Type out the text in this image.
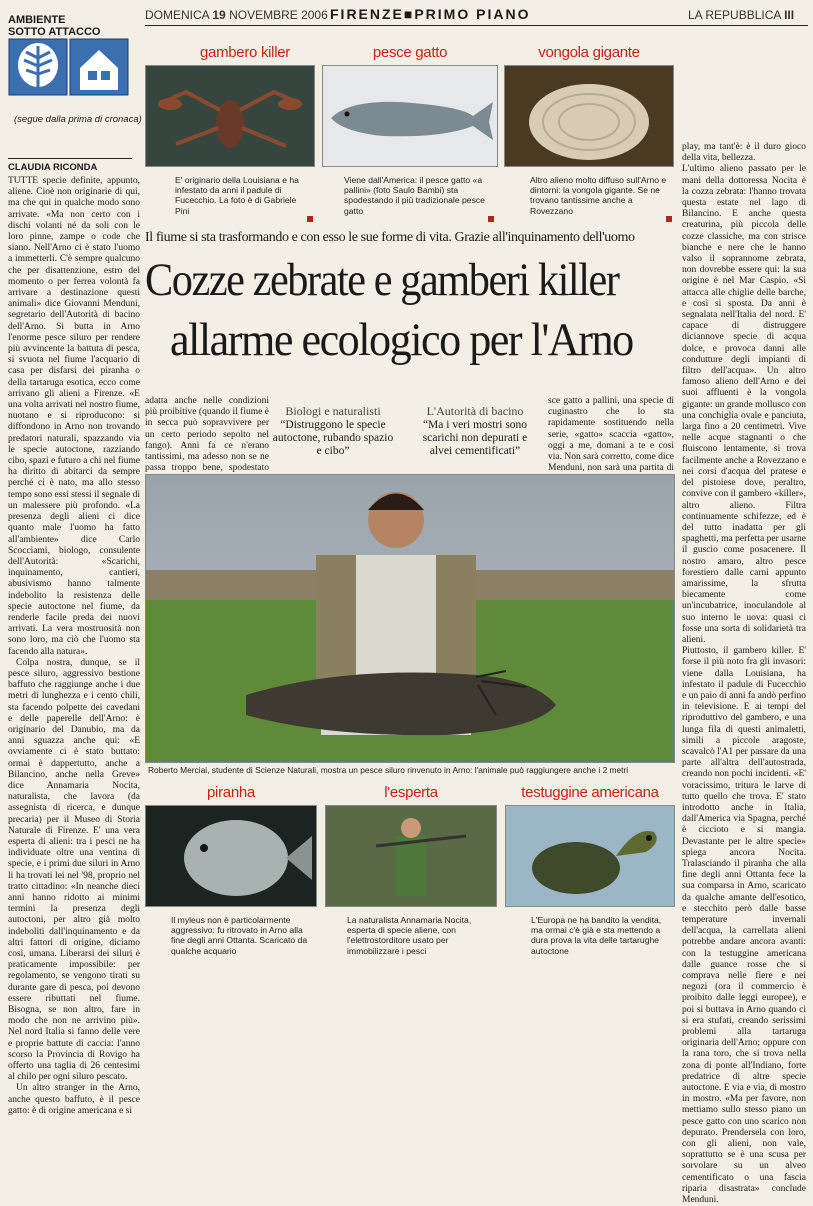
DOMENICA 19 NOVEMBRE 2006 FIRENZE■PRIMO PIANO	LA REPUBBLICA III
AMBIENTE
SOTTO ATTACCO
(segue dalla prima di cronaca)
CLAUDIA RICONDA

TUTTE specie definite, appunto, aliene. Cioè non originarie di qui, ma che qui in qualche modo sono arrivate. «Ma non certo con i dischi volanti né da soli con le loro pinne, zampe o code che siano. Nell'Arno ci è stato l'uomo a immetterli. C'è sempre qualcuno che per disattenzione, estro del momento o per ferrea volontà fa arrivare a destinazione questi animali» dice Giovanni Menduni, segretario dell'Autorità di bacino dell'Arno. Si butta in Arno l'enorme pesce siluro per rendere più avvincente la battuta di pesca, si svuota nel fiume l'acquario di casa per disfarsi dei piranha o della tartaruga esotica, ecco come arrivano gli alieni a Firenze. «E una volta arrivati nel nostro fiume, nuotano e si riproducono: si diffondono in Arno non trovando predatori naturali, spazzando via le specie autoctone, razziando cibo, spazi e futuro a chi nel fiume ha diritto di abitarci da sempre perché ci è nato, ma allo stesso tempo sono essi stessi il segnale di un malessere più profondo. «La presenza degli alieni ci dice quanto male l'uomo ha fatto all'ambiente» dice Carlo Scocciami, biologo, consulente dell'Autorità: «Scarichi, inquinamento, cantieri, abusivismo hanno talmente indebolito la resistenza delle specie autoctone nel fiume, da renderle facile preda dei nuovi arrivati. La vera mostruosità non sono loro, ma ciò che l'uomo sta facendo alla natura».

Colpa nostra, dunque, se il pesce siluro, aggressivo bestione baffuto che raggiunge anche i due metri di lunghezza e i cento chili, sta facendo polpette dei cavedani e delle paperelle dell'Arno: è originario del Danubio, ma da anni sguazza anche qui: «E ovviamente ci è stato buttato: ormai è dappertutto, anche a Bilancino, anche nella Greve» dice Annamaria Nocita, naturalista, che lavora (da assegnista di ricerca, e dunque precaria) per il Museo di Storia Naturale di Firenze. E' una vera esperta di alieni: tra i pesci ne ha individuate oltre una ventina di specie, e i primi due siluri in Arno li ha trovati lei nel '98, proprio nel tratto cittadino: «In neanche dieci anni hanno ridotto ai minimi termini la presenza degli autoctoni, per altro già molto indeboliti dall'inquinamento e da altri fattori di origine, diciamo così, umana. Liberarsi dei siluri è praticamente impossibile: per regolamento, se vengono tirati su durante gare di pesca, poi devono essere ributtati nel fiume. Bisogna, se non altro, fare in modo che non ne arrivino più». Nel nord Italia si fanno delle vere e proprie battute di caccia: l'anno scorso la Provincia di Rovigo ha offerto una taglia di 26 centesimi al chilo per ogni siluro pescato.

Un altro stranger in the Arno, anche questo baffuto, è il pesce gatto: è di origine americana e si

gambero killer
E' originario della Louisiana e ha infestato da anni il padule di Fucecchio. La foto è di Gabriele Pini
pesce gatto
Viene dall'America: il pesce gatto «a pallini» (foto Saulo Bambi) sta spodestando il più tradizionale pesce gatto
vongola gigante
Altro alieno molto diffuso sull'Arno e dintorni: la vongola gigante. Se ne trovano tantissime anche a Rovezzano
Il fiume si sta trasformando e con esso le sue forme di vita. Grazie all'inquinamento dell'uomo
Cozze zebrate e gamberi killer
allarme ecologico per l'Arno

adatta anche nelle condizioni più proibitive (quando il fiume è in secca può sopravvivere per un certo periodo sepolto nel fango). Anni fa ce n'erano tantissimi, ma adesso non se ne passa troppo bene, spodestato

Biologi e naturalisti
“Distruggono le specie autoctone, rubando spazio e cibo”
L'Autorità di bacino
“Ma i veri mostri sono scarichi non depurati e alvei cementificati”

sce gatto a pallini, una specie di cuginastro che lo sta rapidamente sostituendo nella serie, «gatto» scaccia «gatto», oggi a me, domani a te e così via. Non sarà corretto, come dice Menduni, non sarà una partita di

Roberto Merciai, studente di Scienze Naturali, mostra un pesce siluro rinvenuto in Arno: l'animale può raggiungere anche i 2 metri
piranha
Il myleus non è particolarmente aggressivo: fu ritrovato in Arno alla fine degli anni Ottanta. Scaricato da qualche acquario
l'esperta
La naturalista Annamaria Nocita, esperta di specie aliene, con l'elettrostorditore usato per immobilizzare i pesci
testuggine americana
L'Europa ne ha bandito la vendita, ma ormai c'è già e sta mettendo a dura prova la vita delle tartarughe autoctone

play, ma tant'è: è il duro gioco della vita, bellezza.
L'ultimo alieno passato per le mani della dottoressa Nocita è la cozza zebrata: l'hanno trovata questa estate nel lago di Bilancino. E anche questa creaturina, più piccola delle cozze classiche, ma con strisce bianche e nere che le hanno valso il soprannome zebrata, non dovrebbe essere qui: la sua origine è nel Mar Caspio. «Si attacca alle chiglie delle barche, e così si sposta. Da anni è segnalata nell'Italia del nord. E' capace di distruggere diciannove specie di acqua dolce, e provoca danni alle condutture degli impianti di filtro dell'acqua». Un altro famoso alieno dell'Arno e dei suoi affluenti è la vongola gigante: un grande mollusco con una conchiglia ovale e panciuta, larga fino a 20 centimetri. Vive nelle acque stagnanti o che fluiscono lentamente, si trova facilmente anche a Rovezzano e nei corsi d'acqua del pratese e del pistoiese dove, peraltro, convive con il gambero «killer», altro alieno. Filtra continuamente schifezze, ed è del tutto inadatta per gli spaghetti, ma perfetta per usarne il guscio come posacenere. Il nostro amaro, altro pesce forestiero dalle carni appunto amarissime, la sfrutta biecamente come un'incubatrice, inoculandole al suo interno le uova: quasi ci fosse una sorta di solidarietà tra alieni.
Piuttosto, il gambero killer. E' forse il più noto fra gli invasori: viene dalla Louisiana, ha infestato il padule di Fucecchio e un paio di anni fa andò perfino in televisione. E ai tempi del riproduttivo del gambero, e una lunga fila di questi animaletti, simili a piccole aragoste, scavalcò l'A1 per passare da una parte all'altra dell'autostrada, creando non pochi incidenti. «E' voracissimo, tritura le larve di tutto quello che trova. E' stato introdotto anche in Italia, dall'America via Spagna, perché è ciccioto e si mangia. Devastante per le altre specie» spiega ancora Nocita. Tralasciando il piranha che alla fine degli anni Ottanta fece la sua comparsa in Arno, scaricato da qualche amante dell'esotico, e stecchito però dalle basse temperature invernali dell'acqua, la carrellata alieni potrebbe andare ancora avanti: con la testuggine americana dalle guance rosse che si comprava nelle fiere e nei negozi (ora il commercio è proibito dalle leggi europee), e poi si buttava in Arno quando ci si era stufati, creando serissimi problemi alla tartaruga originaria dell'Arno; oppure con la rana toro, che si trova nella zona di ponte all'Indiano, forte predatrice di altre specie autoctone. E via e via, di mostro in mostro. «Ma per favore, non mettiamo sullo stesso piano un pesce gatto con uno scarico non depurato. Prendersela con loro, con gli alieni, non vale, soprattutto se è una scusa per sorvolare su un alveo cementificato o una fascia riparia disastrata» conclude Menduni.
